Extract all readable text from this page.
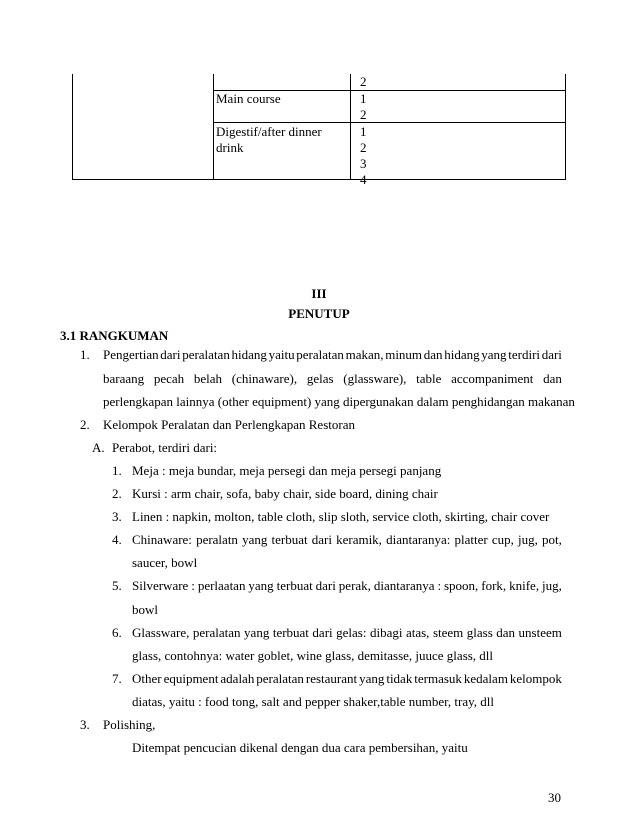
2
Main course	1
2
Digestif/after dinner
drink
1
2
3
4
III
PENUTUP
3.1 RANGKUMAN
1. Pengertian dari peralatan hidang yaitu peralatan makan, minum dan hidang yang terdiri dari
baraang pecah belah (chinaware), gelas (glassware), table accompaniment dan
perlengkapan lainnya (other equipment) yang dipergunakan dalam penghidangan makanan
2. Kelompok Peralatan dan Perlengkapan Restoran
A. Perabot, terdiri dari:
1. Meja : meja bundar, meja persegi dan meja persegi panjang
2. Kursi : arm chair, sofa, baby chair, side board, dining chair
3. Linen : napkin, molton, table cloth, slip sloth, service cloth, skirting, chair cover
4. Chinaware: peralatn yang terbuat dari keramik, diantaranya: platter cup, jug, pot,
saucer, bowl
5. Silverware : perlaatan yang terbuat dari perak, diantaranya : spoon, fork, knife, jug,
bowl
6. Glassware, peralatan yang terbuat dari gelas: dibagi atas, steem glass dan unsteem
glass, contohnya: water goblet, wine glass, demitasse, juuce glass, dll
7. Other equipment adalah peralatan restaurant yang tidak termasuk kedalam kelompok
diatas, yaitu : food tong, salt and pepper shaker,table number, tray, dll
3. Polishing,
Ditempat pencucian dikenal dengan dua cara pembersihan, yaitu
30
